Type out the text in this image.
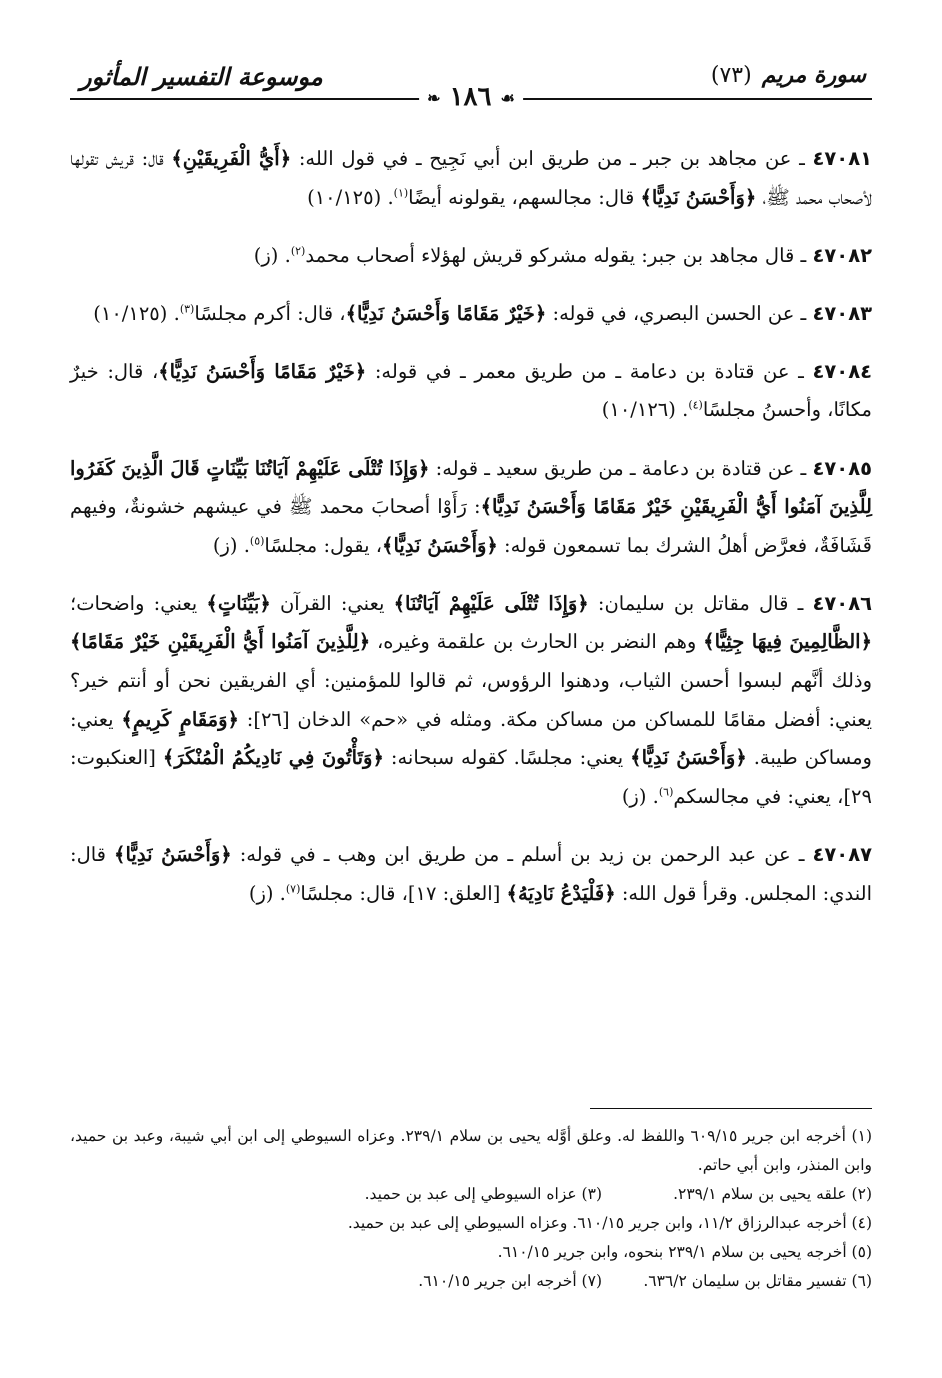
موسوعة التفسير المأثور	(٧٣) سورة مريم
❧ ١٨٦ ☙

٤٧٠٨١ ـ عن مجاهد بن جبر ـ من طريق ابن أبي نَجِيح ـ في قول الله: ﴿أَيُّ الْفَرِيقَيْنِ﴾ قال: قريش تقولها لأصحاب محمد ﷺ، ﴿وَأَحْسَنُ نَدِيًّا﴾ قال: مجالسهم، يقولونه أيضًا$^{(١)}$. (١٠/١٢٥)

٤٧٠٨٢ ـ قال مجاهد بن جبر: يقوله مشركو قريش لهؤلاء أصحاب محمد$^{(٢)}$. (ز)

٤٧٠٨٣ ـ عن الحسن البصري، في قوله: ﴿خَيْرٌ مَقَامًا وَأَحْسَنُ نَدِيًّا﴾، قال: أكرم مجلسًا$^{(٣)}$. (١٠/١٢٥)

٤٧٠٨٤ ـ عن قتادة بن دعامة ـ من طريق معمر ـ في قوله: ﴿خَيْرٌ مَقَامًا وَأَحْسَنُ نَدِيًّا﴾، قال: خيرٌ مكانًا، وأحسنُ مجلسًا$^{(٤)}$. (١٠/١٢٦)

٤٧٠٨٥ ـ عن قتادة بن دعامة ـ من طريق سعيد ـ قوله: ﴿وَإِذَا تُتْلَى عَلَيْهِمْ آيَاتُنَا بَيِّنَاتٍ قَالَ الَّذِينَ كَفَرُوا لِلَّذِينَ آمَنُوا أَيُّ الْفَرِيقَيْنِ خَيْرٌ مَقَامًا وَأَحْسَنُ نَدِيًّا﴾: رَأَوْا أصحابَ محمد ﷺ في عيشهم خشونةٌ، وفيهم قَشَافَةٌ، فعرَّض أهلُ الشرك بما تسمعون قوله: ﴿وَأَحْسَنُ نَدِيًّا﴾، يقول: مجلسًا$^{(٥)}$. (ز)

٤٧٠٨٦ ـ قال مقاتل بن سليمان: ﴿وَإِذَا تُتْلَى عَلَيْهِمْ آيَاتُنَا﴾ يعني: القرآن ﴿بَيِّنَاتٍ﴾ يعني: واضحات؛ ﴿الظَّالِمِينَ فِيهَا جِثِيًّا﴾ وهم النضر بن الحارث بن علقمة وغيره، ﴿لِلَّذِينَ آمَنُوا أَيُّ الْفَرِيقَيْنِ خَيْرٌ مَقَامًا﴾ وذلك أنَّهم لبسوا أحسن الثياب، ودهنوا الرؤوس، ثم قالوا للمؤمنين: أي الفريقين نحن أو أنتم خير؟ يعني: أفضل مقامًا للمساكن من مساكن مكة. ومثله في «حم» الدخان [٢٦]: ﴿وَمَقَامٍ كَرِيمٍ﴾ يعني: ومساكن طيبة. ﴿وَأَحْسَنُ نَدِيًّا﴾ يعني: مجلسًا. كقوله سبحانه: ﴿وَتَأْتُونَ فِي نَادِيكُمُ الْمُنْكَرَ﴾ [العنكبوت: ٢٩]، يعني: في مجالسكم$^{(٦)}$. (ز)

٤٧٠٨٧ ـ عن عبد الرحمن بن زيد بن أسلم ـ من طريق ابن وهب ـ في قوله: ﴿وَأَحْسَنُ نَدِيًّا﴾ قال: الندي: المجلس. وقرأ قول الله: ﴿فَلْيَدْعُ نَادِيَهُ﴾ [العلق: ١٧]، قال: مجلسًا$^{(٧)}$. (ز)

(١) أخرجه ابن جرير ٦٠٩/١٥ واللفظ له. وعلق أوَّله يحيى بن سلام ٢٣٩/١. وعزاه السيوطي إلى ابن أبي شيبة، وعبد بن حميد، وابن المنذر، وابن أبي حاتم.
(٢) علقه يحيى بن سلام ٢٣٩/١.
(٣) عزاه السيوطي إلى عبد بن حميد.
(٤) أخرجه عبدالرزاق ١١/٢، وابن جرير ٦١٠/١٥. وعزاه السيوطي إلى عبد بن حميد.
(٥) أخرجه يحيى بن سلام ٢٣٩/١ بنحوه، وابن جرير ٦١٠/١٥.
(٦) تفسير مقاتل بن سليمان ٦٣٦/٢.
(٧) أخرجه ابن جرير ٦١٠/١٥.
